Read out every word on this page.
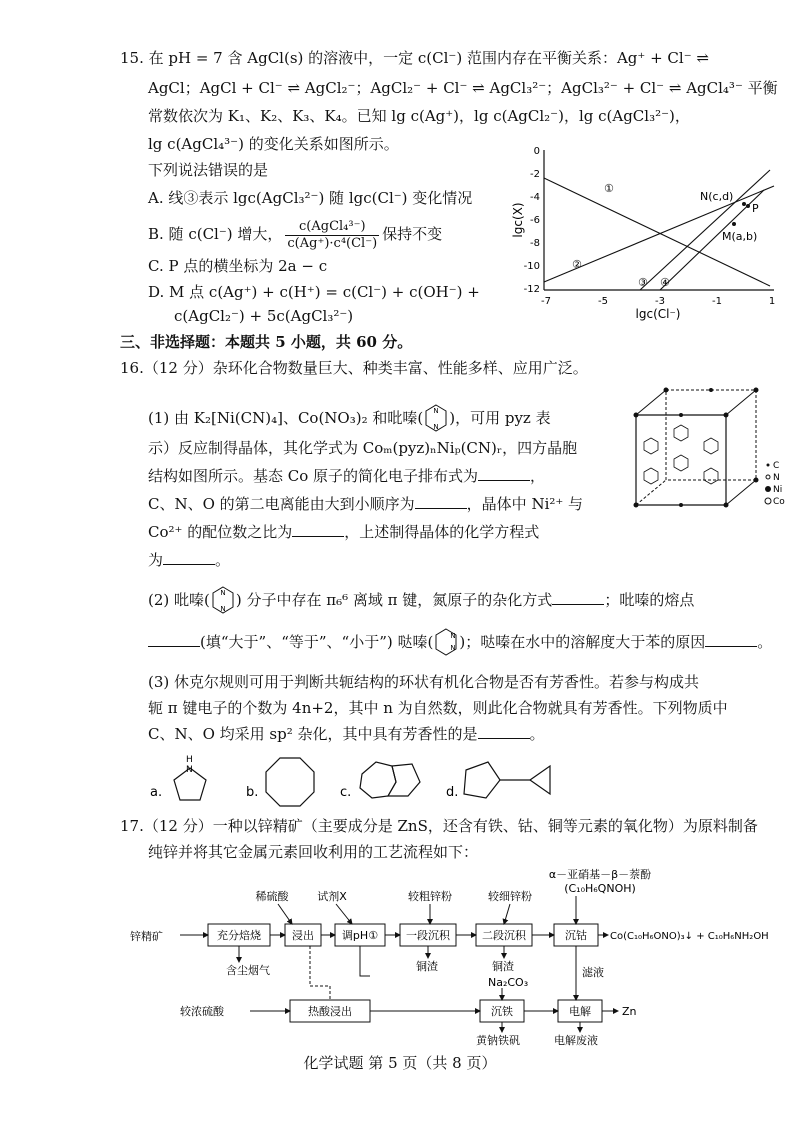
15. 在 pH = 7 含 AgCl(s) 的溶液中，一定 c(Cl⁻) 范围内存在平衡关系：Ag⁺ + Cl⁻ ⇌
AgCl；AgCl + Cl⁻ ⇌ AgCl₂⁻；AgCl₂⁻ + Cl⁻ ⇌ AgCl₃²⁻；AgCl₃²⁻ + Cl⁻ ⇌ AgCl₄³⁻ 平衡
常数依次为 K₁、K₂、K₃、K₄。已知 lg c(Ag⁺)，lg c(AgCl₂⁻)，lg c(AgCl₃²⁻)，
lg c(AgCl₄³⁻) 的变化关系如图所示。
下列说法错误的是
A. 线③表示 lgc(AgCl₃²⁻) 随 lgc(Cl⁻) 变化情况
B. 随 c(Cl⁻) 增大， $\frac{\text{c(AgCl₄³⁻)}}{\text{c(Ag⁺)·c⁴(Cl⁻)}}$ 保持不变
C. P 点的横坐标为 2a − c
D. M 点 c(Ag⁺) + c(H⁺) = c(Cl⁻) + c(OH⁻) +
c(AgCl₂⁻) + 5c(AgCl₃²⁻)
0
-2
-4
-6
-8
-10
-12
-7	-5	-3	-1	1
lgc(X)
lgc(Cl⁻)
①
②
③ ④
N(c,d)
P
M(a,b)
三、非选择题：本题共 5 小题，共 60 分。
16.（12 分）杂环化合物数量巨大、种类丰富、性能多样、应用广泛。
(1) 由 K₂[Ni(CN)₄]、Co(NO₃)₂ 和吡嗪( N
N )，可用 pyz 表
示）反应制得晶体，其化学式为 Coₘ(pyz)ₙNiₚ(CN)ᵣ，四方晶胞
结构如图所示。基态 Co 原子的简化电子排布式为	，
C、N、O 的第二电离能由大到小顺序为	，晶体中 Ni²⁺ 与
Co²⁺ 的配位数之比为	，上述制得晶体的化学方程式
为	。
C
N
Ni
Co
(2) 吡嗪( N
N ) 分子中存在 π₆⁶ 离域 π 键，氮原子的杂化方式	；吡嗪的熔点
(填“大于”、“等于”、“小于”) 哒嗪( N
N )；哒嗪在水中的溶解度大于苯的原因	。
(3) 休克尔规则可用于判断共轭结构的环状有机化合物是否有芳香性。若参与构成共
轭 π 键电子的个数为 4n+2，其中 n 为自然数，则此化合物就具有芳香性。下列物质中
C、N、O 均采用 sp² 杂化，其中具有芳香性的是	。
a.
H
N
b.	c.	d.
17.（12 分）一种以锌精矿（主要成分是 ZnS，还含有铁、钴、铜等元素的氧化物）为原料制备
纯锌并将其它金属元素回收利用的工艺流程如下：
α－亚硝基－β－萘酚
(C₁₀H₆QNOH)
稀硫酸	试剂X	较粗锌粉	较细锌粉
锌精矿	充分焙烧	浸出	调pH①	一段沉积	二段沉积	沉钴
热酸浸出	沉铁	电解
Co(C₁₀H₆ONO)₃↓ + C₁₀H₆NH₂OH
含尘烟气	铜渣	铜渣	滤液
较浓硫酸
Na₂CO₃
Zn
黄钠铁矾	电解废液
化学试题 第 5 页（共 8 页）
